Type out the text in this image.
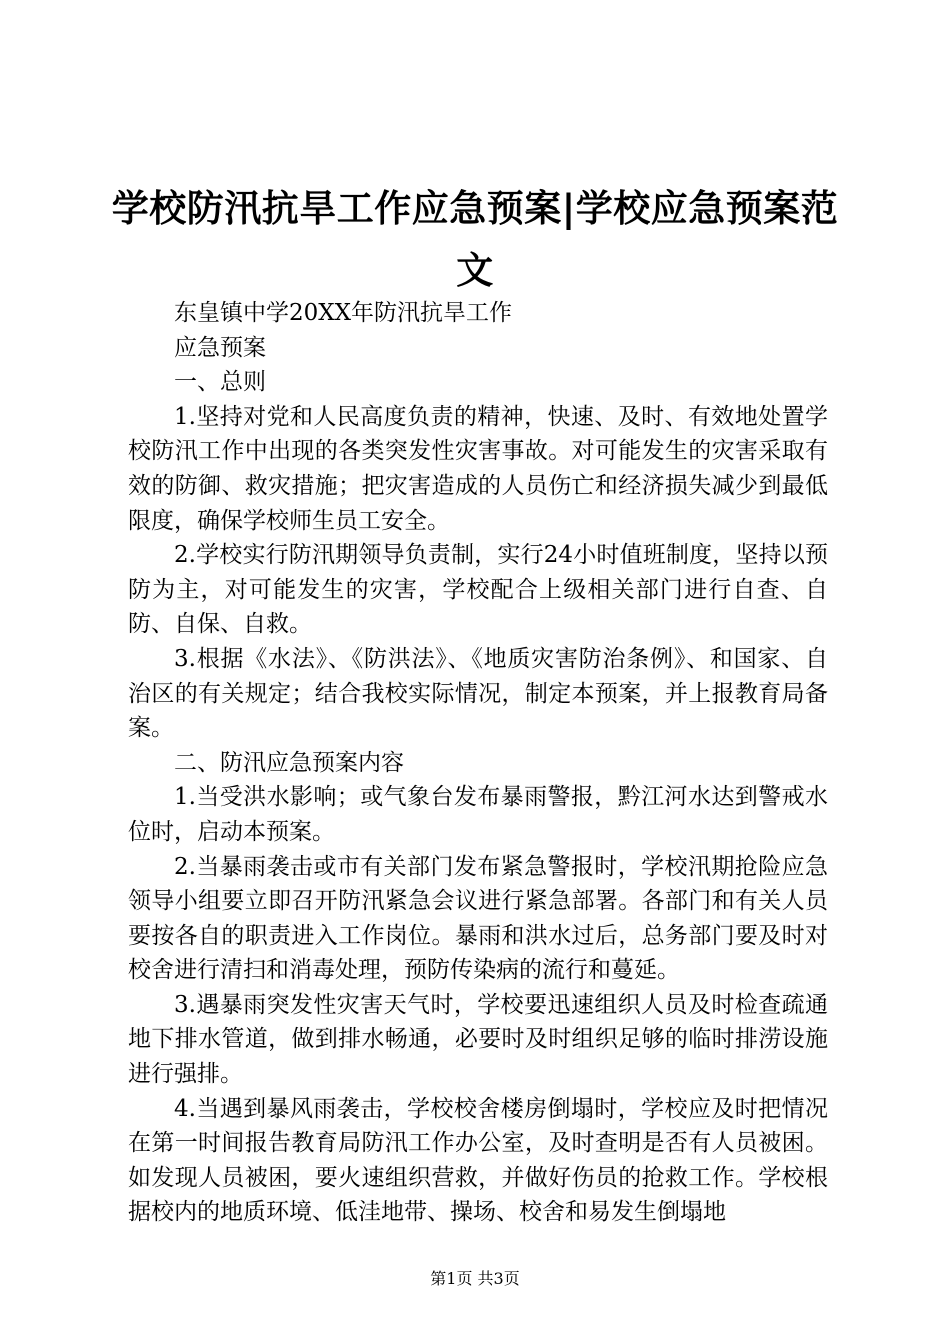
学校防汛抗旱工作应急预案|学校应急预案范文

东皇镇中学20XX年防汛抗旱工作

应急预案

一、总则

1.坚持对党和人民高度负责的精神，快速、及时、有效地处置学校防汛工作中出现的各类突发性灾害事故。对可能发生的灾害采取有效的防御、救灾措施；把灾害造成的人员伤亡和经济损失减少到最低限度，确保学校师生员工安全。

2.学校实行防汛期领导负责制，实行24小时值班制度，坚持以预防为主，对可能发生的灾害，学校配合上级相关部门进行自查、自防、自保、自救。

3.根据《水法》、《防洪法》、《地质灾害防治条例》、和国家、自治区的有关规定；结合我校实际情况，制定本预案，并上报教育局备案。

二、防汛应急预案内容

1.当受洪水影响；或气象台发布暴雨警报，黔江河水达到警戒水位时，启动本预案。

2.当暴雨袭击或市有关部门发布紧急警报时，学校汛期抢险应急领导小组要立即召开防汛紧急会议进行紧急部署。各部门和有关人员要按各自的职责进入工作岗位。暴雨和洪水过后，总务部门要及时对校舍进行清扫和消毒处理，预防传染病的流行和蔓延。

3.遇暴雨突发性灾害天气时，学校要迅速组织人员及时检查疏通地下排水管道，做到排水畅通，必要时及时组织足够的临时排涝设施进行强排。

4.当遇到暴风雨袭击，学校校舍楼房倒塌时，学校应及时把情况在第一时间报告教育局防汛工作办公室，及时查明是否有人员被困。如发现人员被困，要火速组织营救，并做好伤员的抢救工作。学校根据校内的地质环境、低洼地带、操场、校舍和易发生倒塌地

第1页 共3页
